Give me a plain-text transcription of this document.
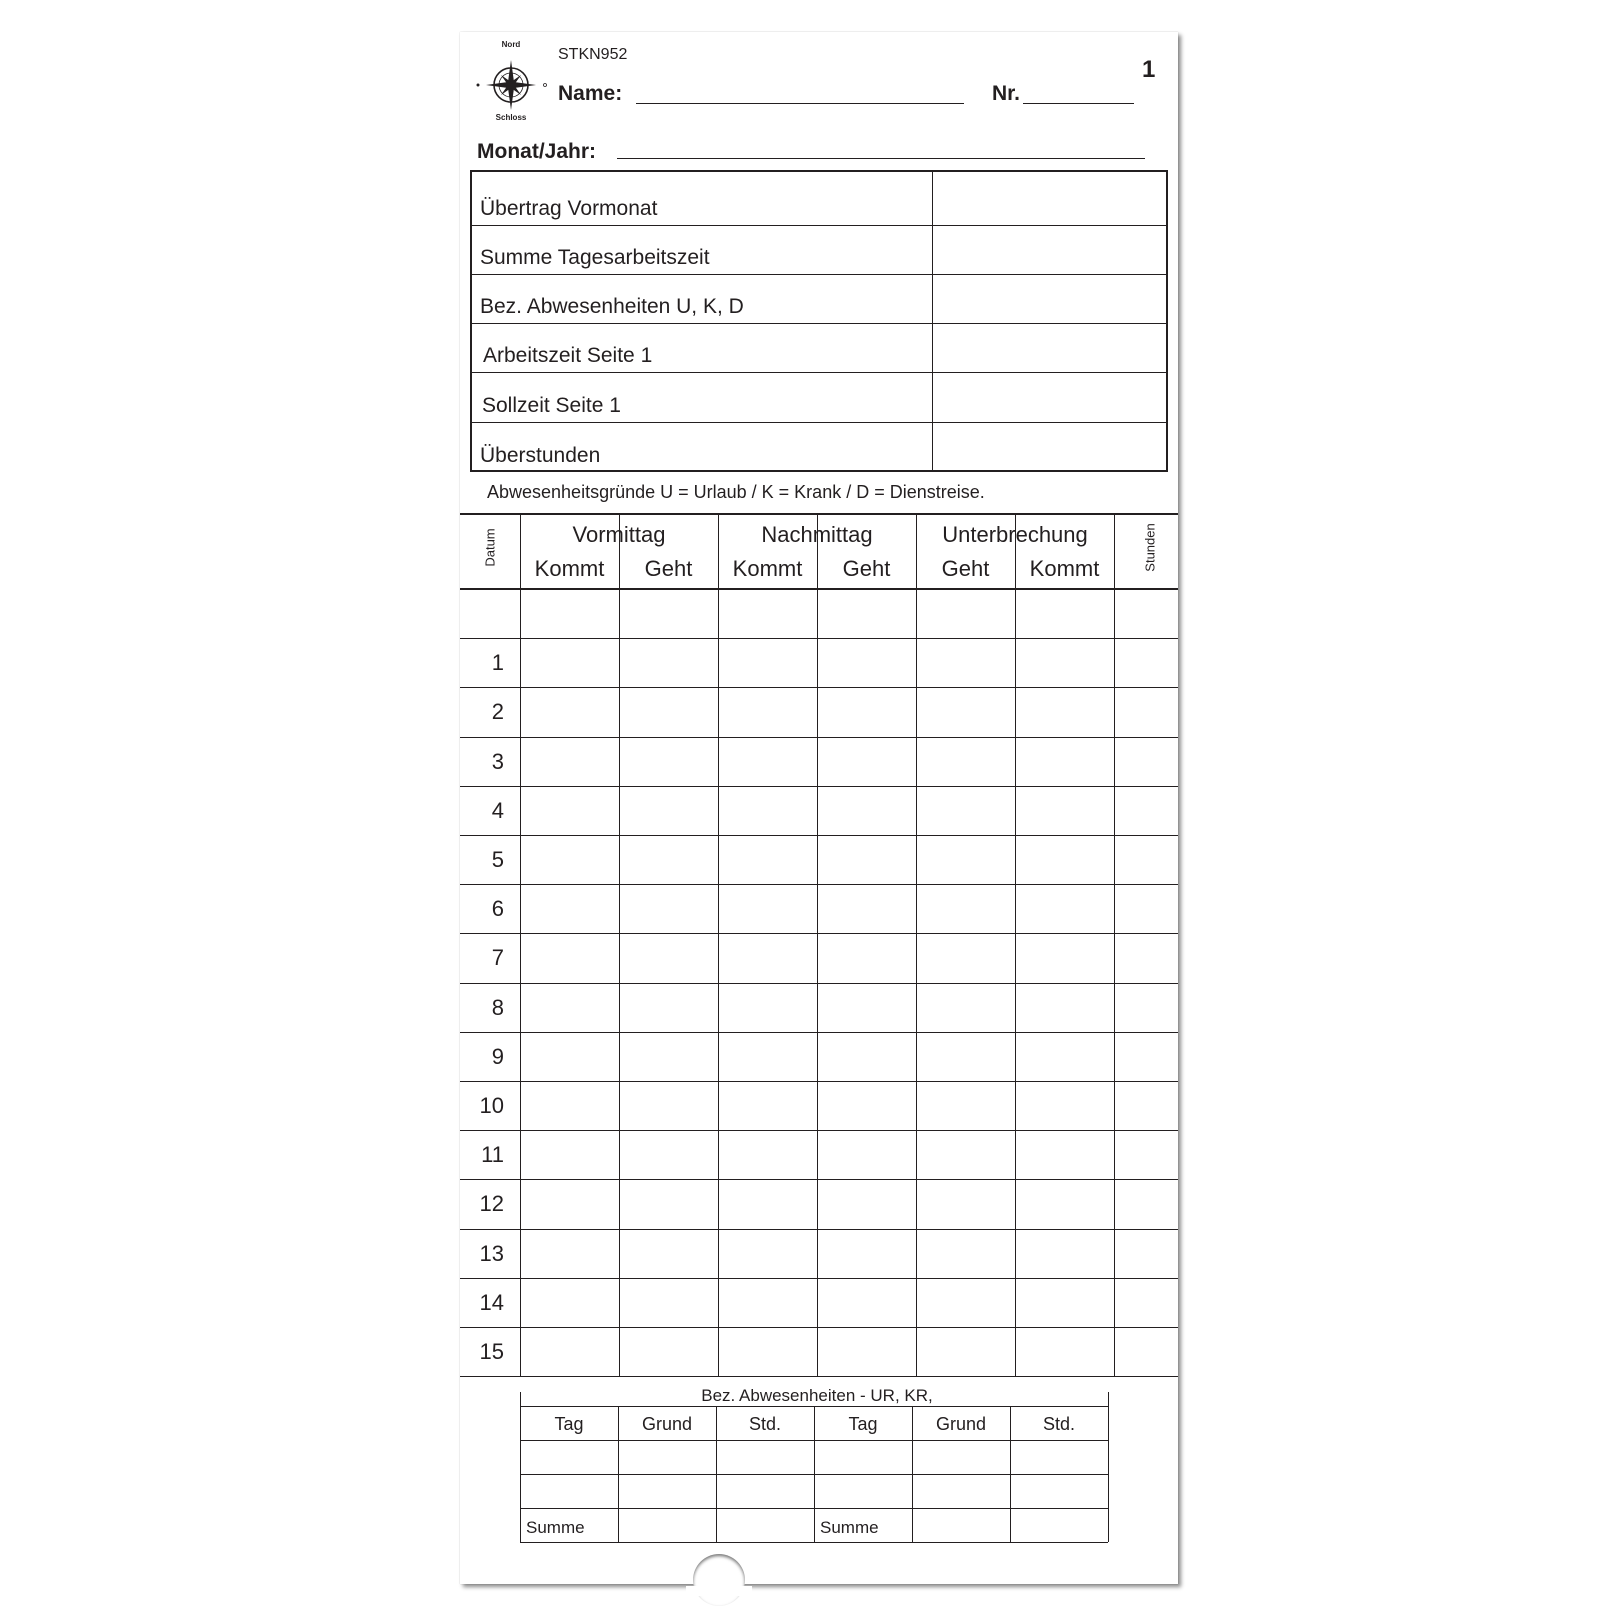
Nord
Schloss
STKN952
1
Name:	Nr.
Monat/Jahr:
Übertrag Vormonat
Summe Tagesarbeitszeit
Bez. Abwesenheiten U, K, D
Arbeitszeit Seite 1
Sollzeit Seite 1
Überstunden
Abwesenheitsgründe U = Urlaub / K = Krank / D = Dienstreise.
Datum	Stunden
Vormittag	Nachmittag	Unterbrechung
Kommt	Geht	Kommt	Geht	Geht	Kommt
1
2
3
4
5
6
7
8
9
10
11
12
13
14
15
Bez. Abwesenheiten - UR, KR,
Tag	Grund	Std.	Tag	Grund	Std.
Summe	Summe
